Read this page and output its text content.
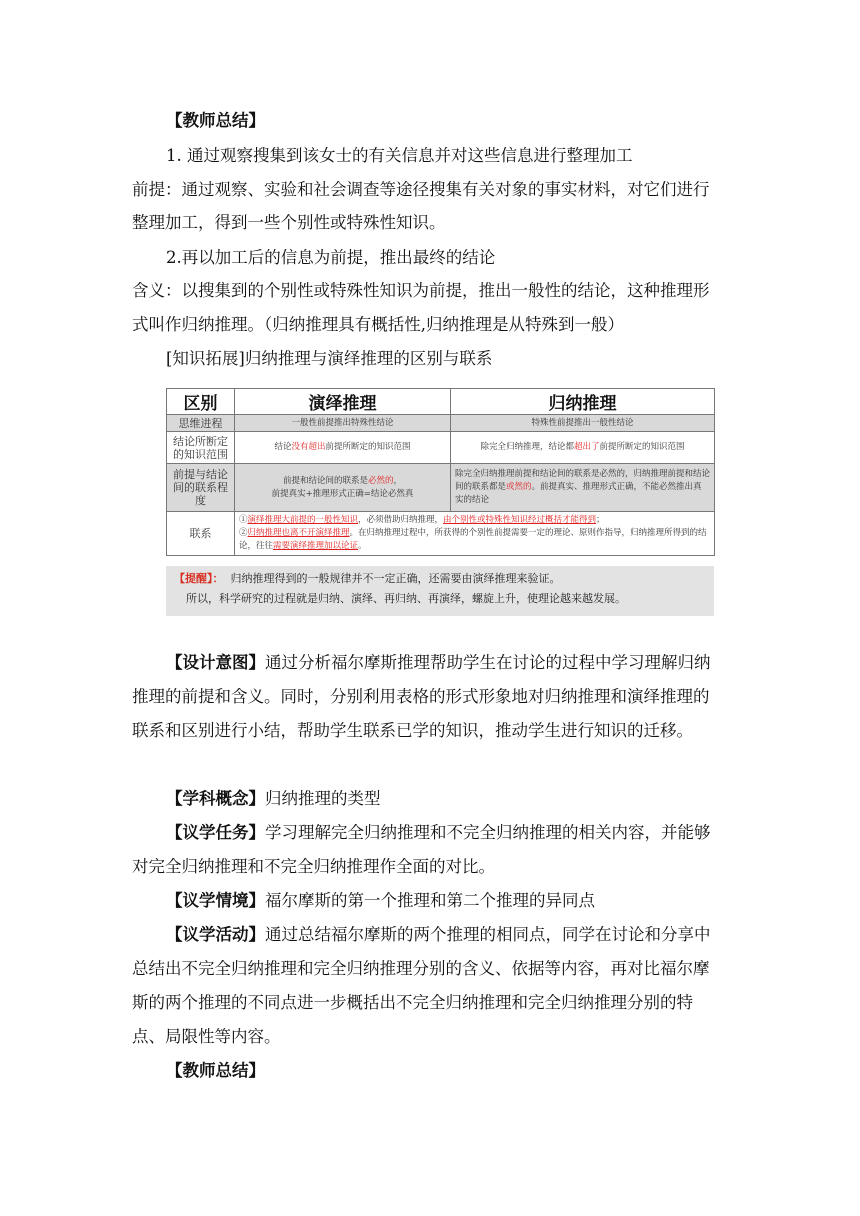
【教师总结】
1. 通过观察搜集到该女士的有关信息并对这些信息进行整理加工
前提：通过观察、实验和社会调查等途径搜集有关对象的事实材料，对它们进行
整理加工，得到一些个别性或特殊性知识。
2.再以加工后的信息为前提，推出最终的结论
含义：以搜集到的个别性或特殊性知识为前提，推出一般性的结论，这种推理形
式叫作归纳推理。（归纳推理具有概括性,归纳推理是从特殊到一般）
[知识拓展]归纳推理与演绎推理的区别与联系
区别	演绎推理	归纳推理
思维进程	一般性前提推出特殊性结论	特殊性前提推出一般性结论
结论所断定的知识范围	结论没有超出前提所断定的知识范围	除完全归纳推理，结论都超出了前提所断定的知识范围
前提与结论间的联系程度	前提和结论间的联系是必然的，
前提真实+推理形式正确=结论必然真	除完全归纳推理前提和结论间的联系是必然的，归纳推理前提和结论间的联系都是或然的。前提真实、推理形式正确，不能必然推出真实的结论
联系	①演绎推理大前提的一般性知识，必须借助归纳推理，由个别性或特殊性知识经过概括才能得到；
②归纳推理也离不开演绎推理。在归纳推理过程中，所获得的个别性前提需要一定的理论、原则作指导，归纳推理所得到的结论，往往需要演绎推理加以论证。	
【提醒】： 归纳推理得到的一般规律并不一定正确，还需要由演绎推理来验证。
所以，科学研究的过程就是归纳、演绎、再归纳、再演绎，螺旋上升，使理论越来越发展。
【设计意图】通过分析福尔摩斯推理帮助学生在讨论的过程中学习理解归纳
推理的前提和含义。同时，分别利用表格的形式形象地对归纳推理和演绎推理的
联系和区别进行小结，帮助学生联系已学的知识，推动学生进行知识的迁移。
【学科概念】归纳推理的类型
【议学任务】学习理解完全归纳推理和不完全归纳推理的相关内容，并能够
对完全归纳推理和不完全归纳推理作全面的对比。
【议学情境】福尔摩斯的第一个推理和第二个推理的异同点
【议学活动】通过总结福尔摩斯的两个推理的相同点，同学在讨论和分享中
总结出不完全归纳推理和完全归纳推理分别的含义、依据等内容，再对比福尔摩
斯的两个推理的不同点进一步概括出不完全归纳推理和完全归纳推理分别的特
点、局限性等内容。
【教师总结】
